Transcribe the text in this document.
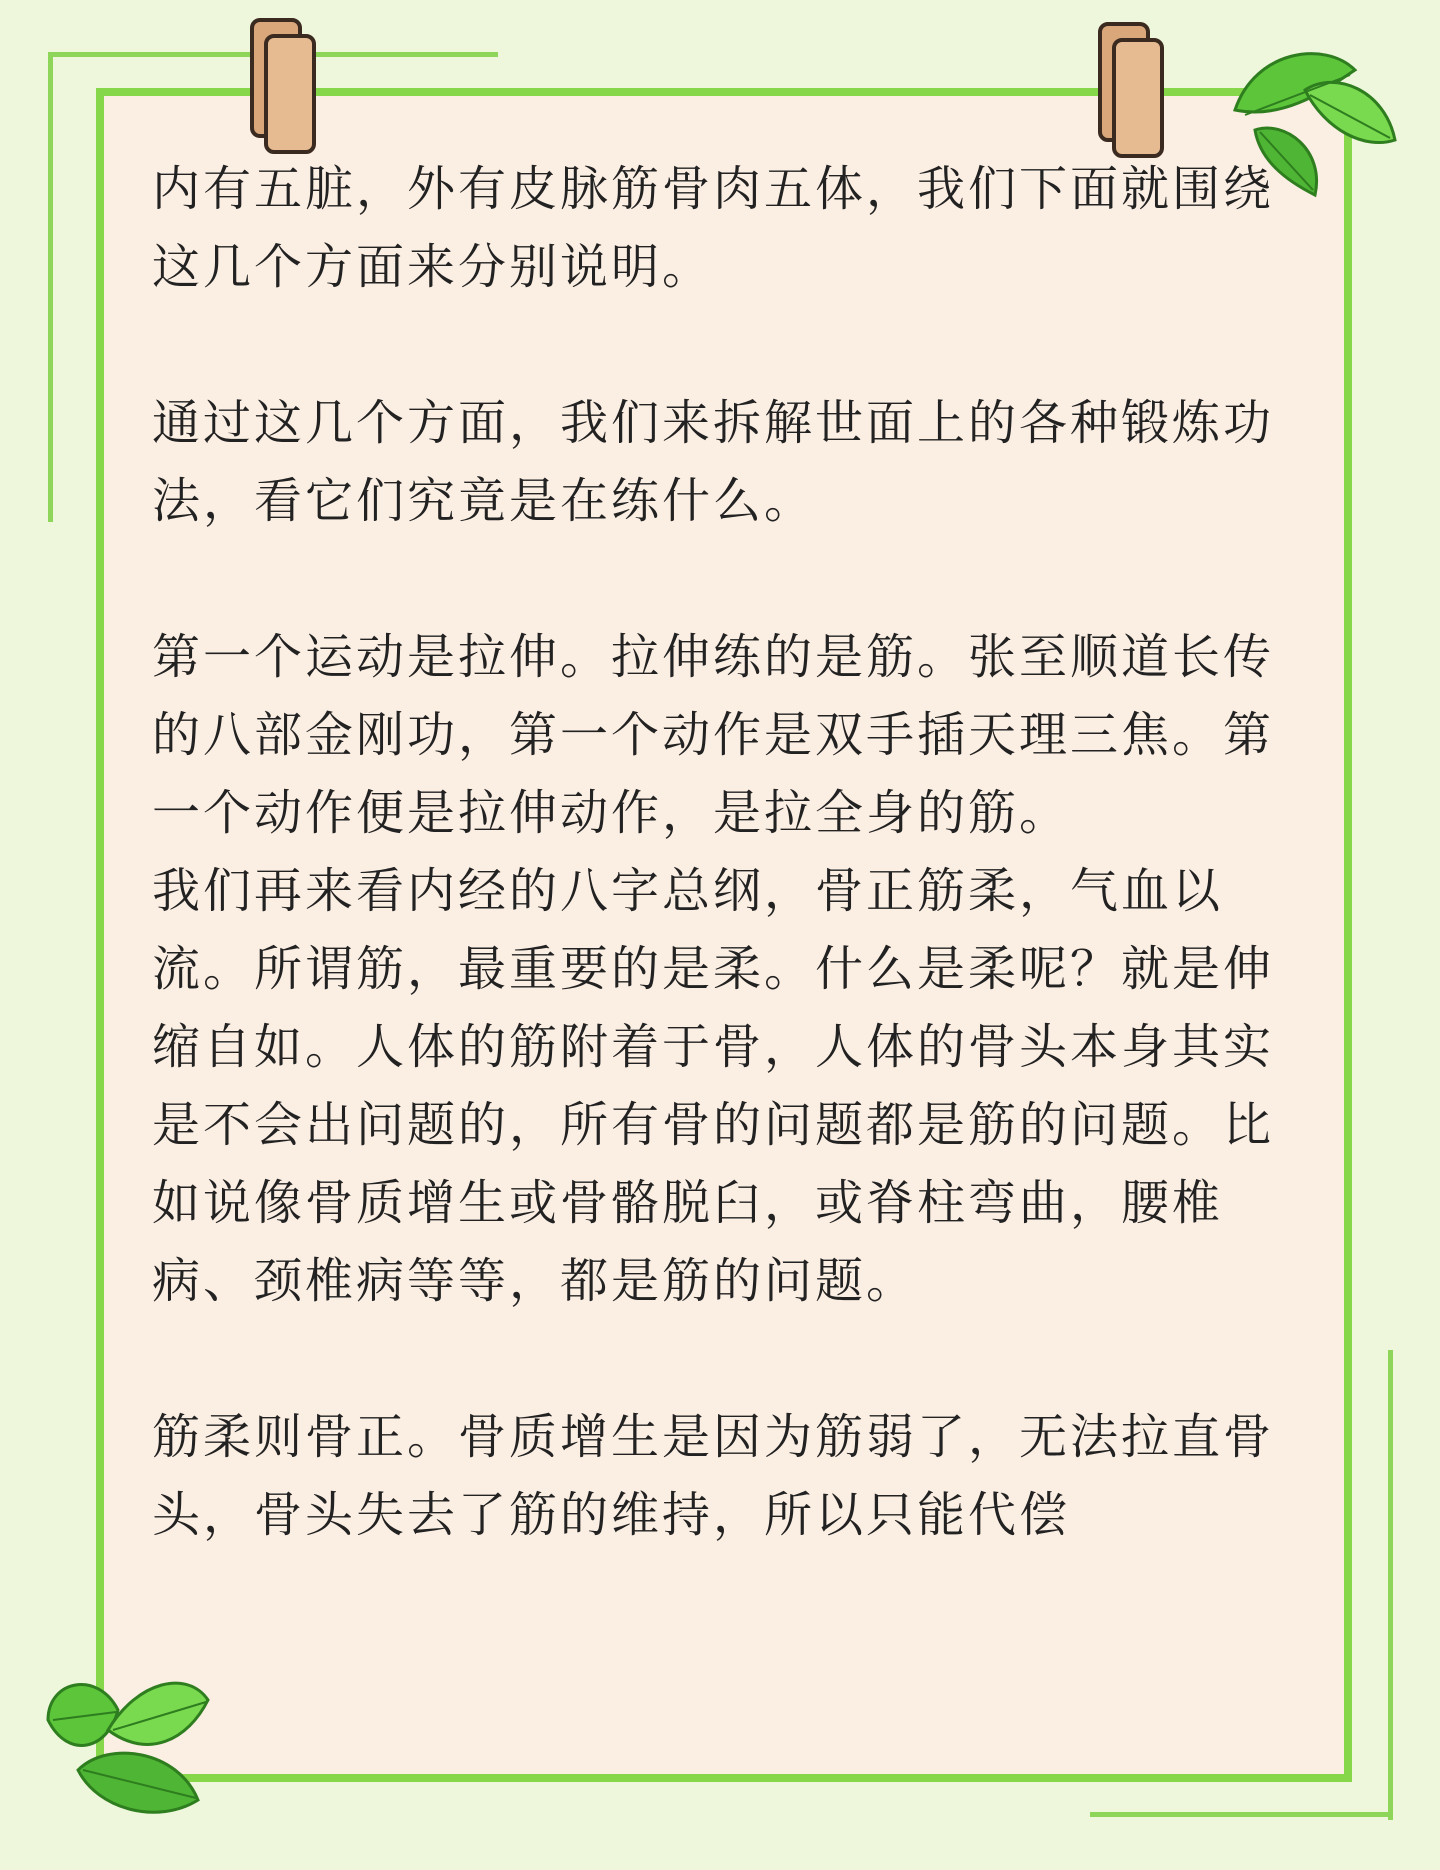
内有五脏，外有皮脉筋骨肉五体，我们下面就围绕这几个方面来分别说明。

通过这几个方面，我们来拆解世面上的各种锻炼功法，看它们究竟是在练什么。

第一个运动是拉伸。拉伸练的是筋。张至顺道长传的八部金刚功，第一个动作是双手插天理三焦。第一个动作便是拉伸动作，是拉全身的筋。

我们再来看内经的八字总纲，骨正筋柔，气血以流。所谓筋，最重要的是柔。什么是柔呢？就是伸缩自如。人体的筋附着于骨，人体的骨头本身其实是不会出问题的，所有骨的问题都是筋的问题。比如说像骨质增生或骨骼脱臼，或脊柱弯曲，腰椎病、颈椎病等等，都是筋的问题。

筋柔则骨正。骨质增生是因为筋弱了，无法拉直骨头，骨头失去了筋的维持，所以只能代偿
